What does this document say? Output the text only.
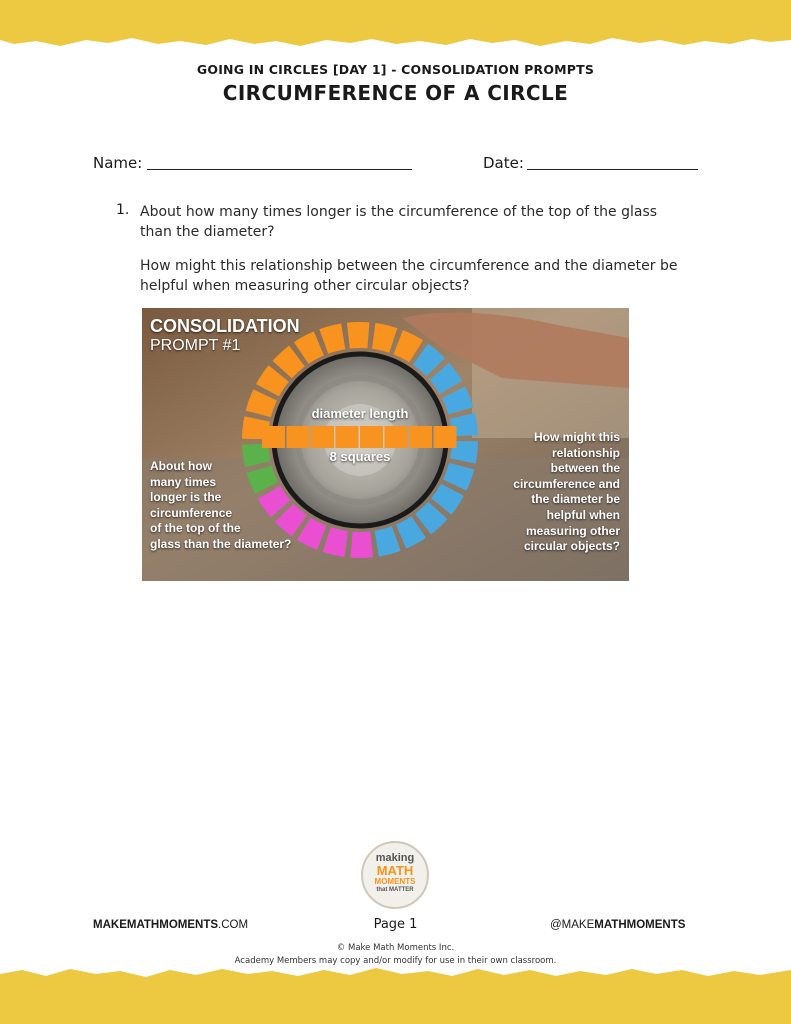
GOING IN CIRCLES [DAY 1] - CONSOLIDATION PROMPTS
CIRCUMFERENCE OF A CIRCLE
Name:	Date:
1. About how many times longer is the circumference of the top of the glass
than the diameter?
How might this relationship between the circumference and the diameter be
helpful when measuring other circular objects?
CONSOLIDATION
PROMPT #1
diameter length
8 squares
About how
many times
longer is the
circumference
of the top of the
glass than the diameter?
How might this
relationship
between the
circumference and
the diameter be
helpful when
measuring other
circular objects?
making
MATH
MOMENTS
that MATTER
MAKEMATHMOMENTS.COM	Page 1	@MAKEMATHMOMENTS
© Make Math Moments Inc.
Academy Members may copy and/or modify for use in their own classroom.
